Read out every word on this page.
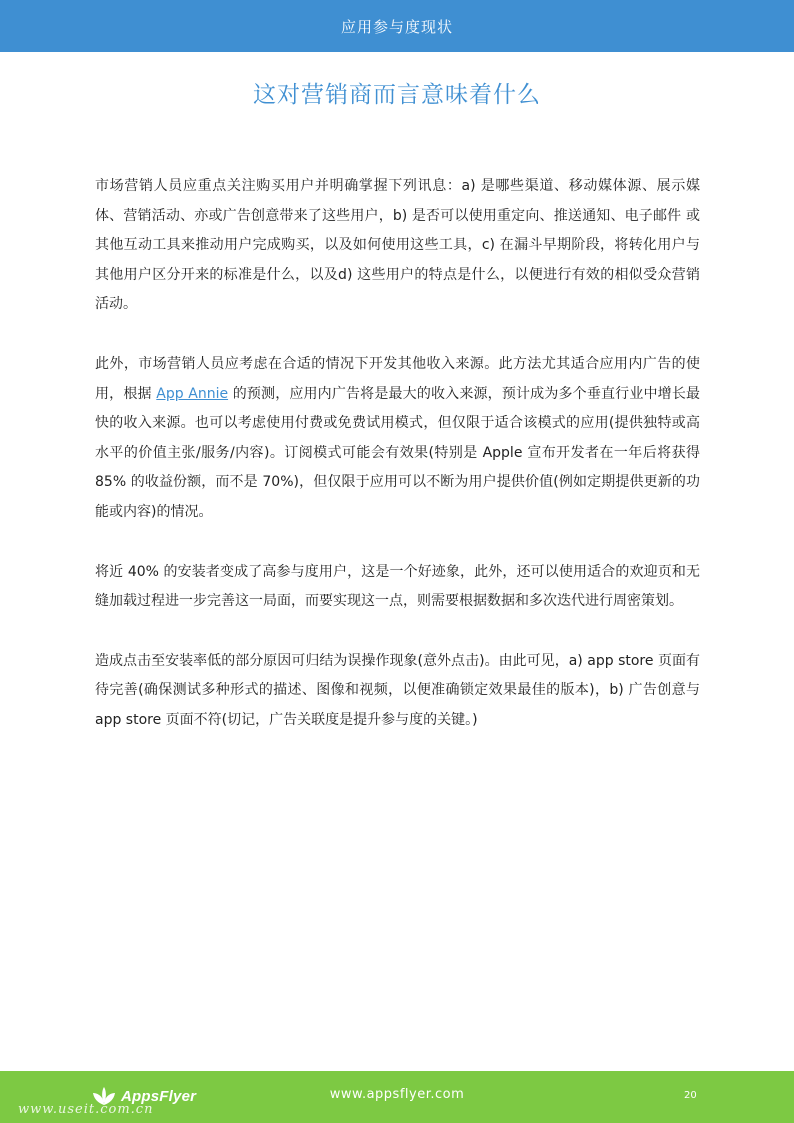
应用参与度现状
这对营销商而言意味着什么

市场营销人员应重点关注购买用户并明确掌握下列讯息：a) 是哪些渠道、移动媒体源、展示媒体、营销活动、亦或广告创意带来了这些用户，b) 是否可以使用重定向、推送通知、电子邮件 或其他互动工具来推动用户完成购买，以及如何使用这些工具，c) 在漏斗早期阶段，将转化用户与其他用户区分开来的标准是什么，以及d) 这些用户的特点是什么，以便进行有效的相似受众营销活动。

此外，市场营销人员应考虑在合适的情况下开发其他收入来源。此方法尤其适合应用内广告的使用，根据 App Annie 的预测，应用内广告将是最大的收入来源，预计成为多个垂直行业中增长最快的收入来源。也可以考虑使用付费或免费试用模式，但仅限于适合该模式的应用(提供独特或高水平的价值主张/服务/内容)。订阅模式可能会有效果(特别是 Apple 宣布开发者在一年后将获得 85% 的收益份额，而不是 70%)，但仅限于应用可以不断为用户提供价值(例如定期提供更新的功能或内容)的情况。

将近 40% 的安装者变成了高参与度用户，这是一个好迹象，此外，还可以使用适合的欢迎页和无缝加载过程进一步完善这一局面，而要实现这一点，则需要根据数据和多次迭代进行周密策划。

造成点击至安装率低的部分原因可归结为误操作现象(意外点击)。由此可见，a) app store 页面有待完善(确保测试多种形式的描述、图像和视频，以便准确锁定效果最佳的版本)，b) 广告创意与 app store 页面不符(切记，广告关联度是提升参与度的关键。)

AppsFlyer	www.appsflyer.com	20
www.useit.com.cn
